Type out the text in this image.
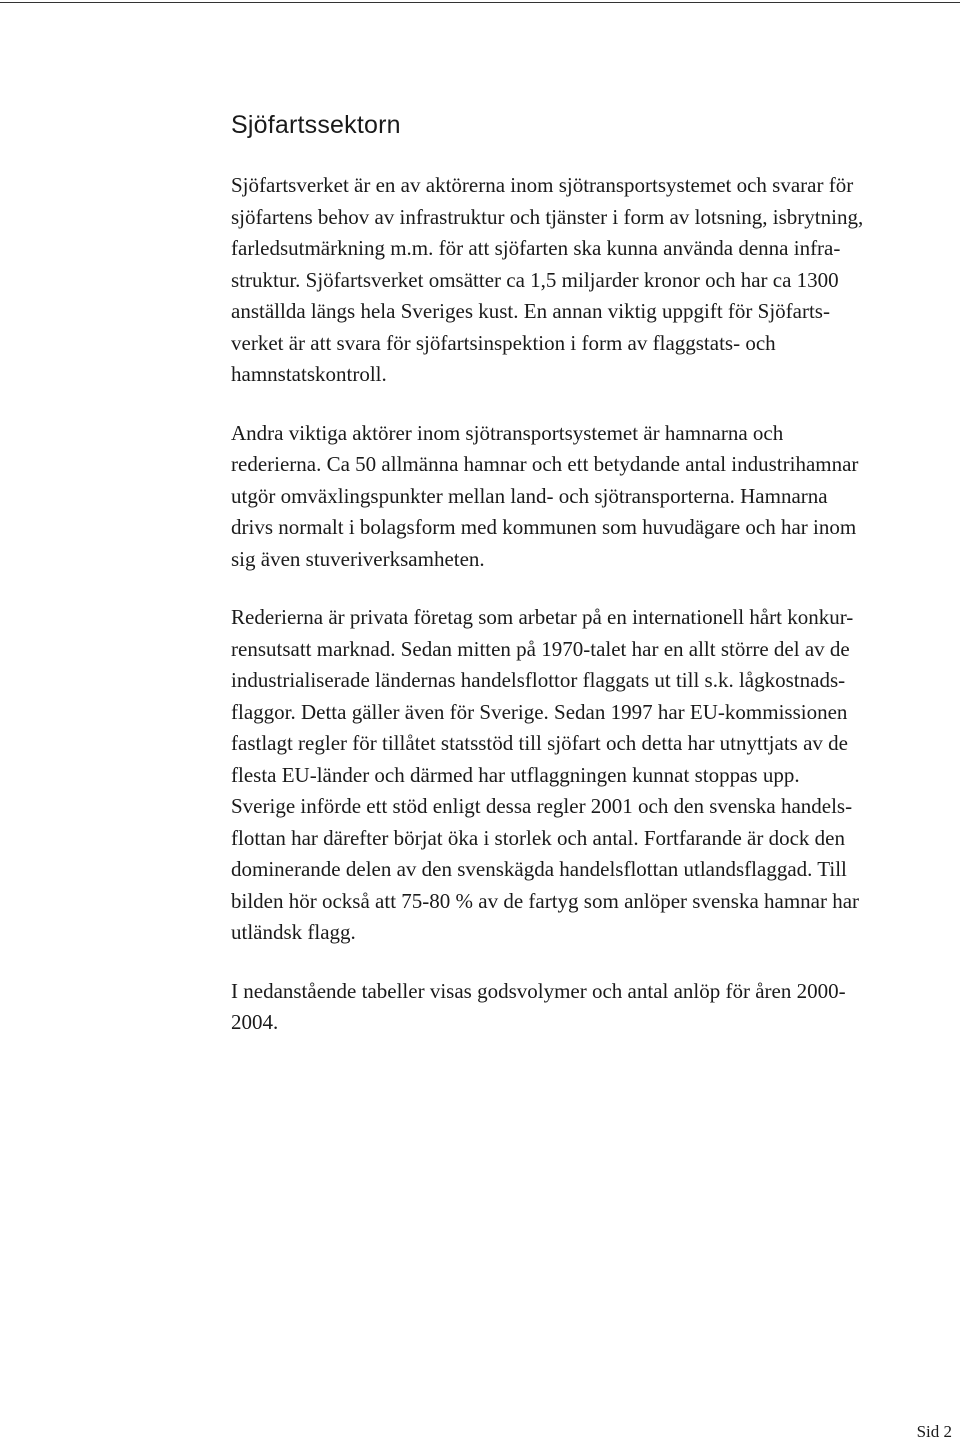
Sjöfartssektorn
Sjöfartsverket är en av aktörerna inom sjötransportsystemet och svarar för
sjöfartens behov av infrastruktur och tjänster i form av lotsning, isbrytning,
farledsutmärkning m.m. för att sjöfarten ska kunna använda denna infra-
struktur. Sjöfartsverket omsätter ca 1,5 miljarder kronor och har ca 1300
anställda längs hela Sveriges kust. En annan viktig uppgift för Sjöfarts-
verket är att svara för sjöfartsinspektion i form av flaggstats- och
hamnstatskontroll.
Andra viktiga aktörer inom sjötransportsystemet är hamnarna och
rederierna. Ca 50 allmänna hamnar och ett betydande antal industrihamnar
utgör omväxlingspunkter mellan land- och sjötransporterna. Hamnarna
drivs normalt i bolagsform med kommunen som huvudägare och har inom
sig även stuveriverksamheten.
Rederierna är privata företag som arbetar på en internationell hårt konkur-
rensutsatt marknad. Sedan mitten på 1970-talet har en allt större del av de
industrialiserade ländernas handelsflottor flaggats ut till s.k. lågkostnads-
flaggor. Detta gäller även för Sverige. Sedan 1997 har EU-kommissionen
fastlagt regler för tillåtet statsstöd till sjöfart och detta har utnyttjats av de
flesta EU-länder och därmed har utflaggningen kunnat stoppas upp.
Sverige införde ett stöd enligt dessa regler 2001 och den svenska handels-
flottan har därefter börjat öka i storlek och antal. Fortfarande är dock den
dominerande delen av den svenskägda handelsflottan utlandsflaggad. Till
bilden hör också att 75-80 % av de fartyg som anlöper svenska hamnar har
utländsk flagg.
I nedanstående tabeller visas godsvolymer och antal anlöp för åren 2000-
2004.
Sid 2
